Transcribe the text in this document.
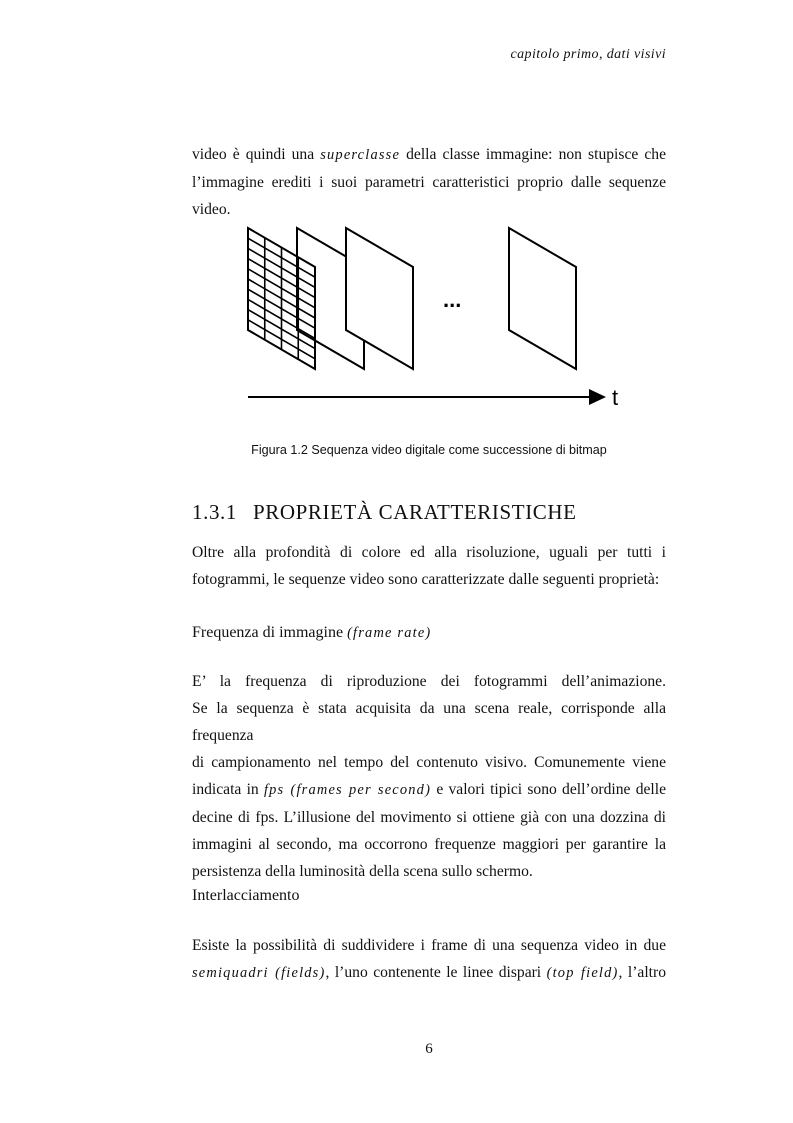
capitolo primo, dati visivi

video è quindi una superclasse della classe immagine: non stupisce che
l’immagine erediti i suoi parametri caratteristici proprio dalle sequenze video.

...
t
Figura 1.2 Sequenza video digitale come successione di bitmap
1.3.1 PROPRIETÀ CARATTERISTICHE

Oltre alla profondità di colore ed alla risoluzione, uguali per tutti i
fotogrammi, le sequenze video sono caratterizzate dalle seguenti proprietà:

Frequenza di immagine (frame rate)

E’ la frequenza di riproduzione dei fotogrammi dell’animazione.
Se la sequenza è stata acquisita da una scena reale, corrisponde alla frequenza
di campionamento nel tempo del contenuto visivo. Comunemente viene
indicata in fps (frames per second) e valori tipici sono dell’ordine delle
decine di fps. L’illusione del movimento si ottiene già con una dozzina di
immagini al secondo, ma occorrono frequenze maggiori per garantire la
persistenza della luminosità della scena sullo schermo.

Interlacciamento

Esiste la possibilità di suddividere i frame di una sequenza video in due
semiquadri (fields), l’uno contenente le linee dispari (top field), l’altro

6
